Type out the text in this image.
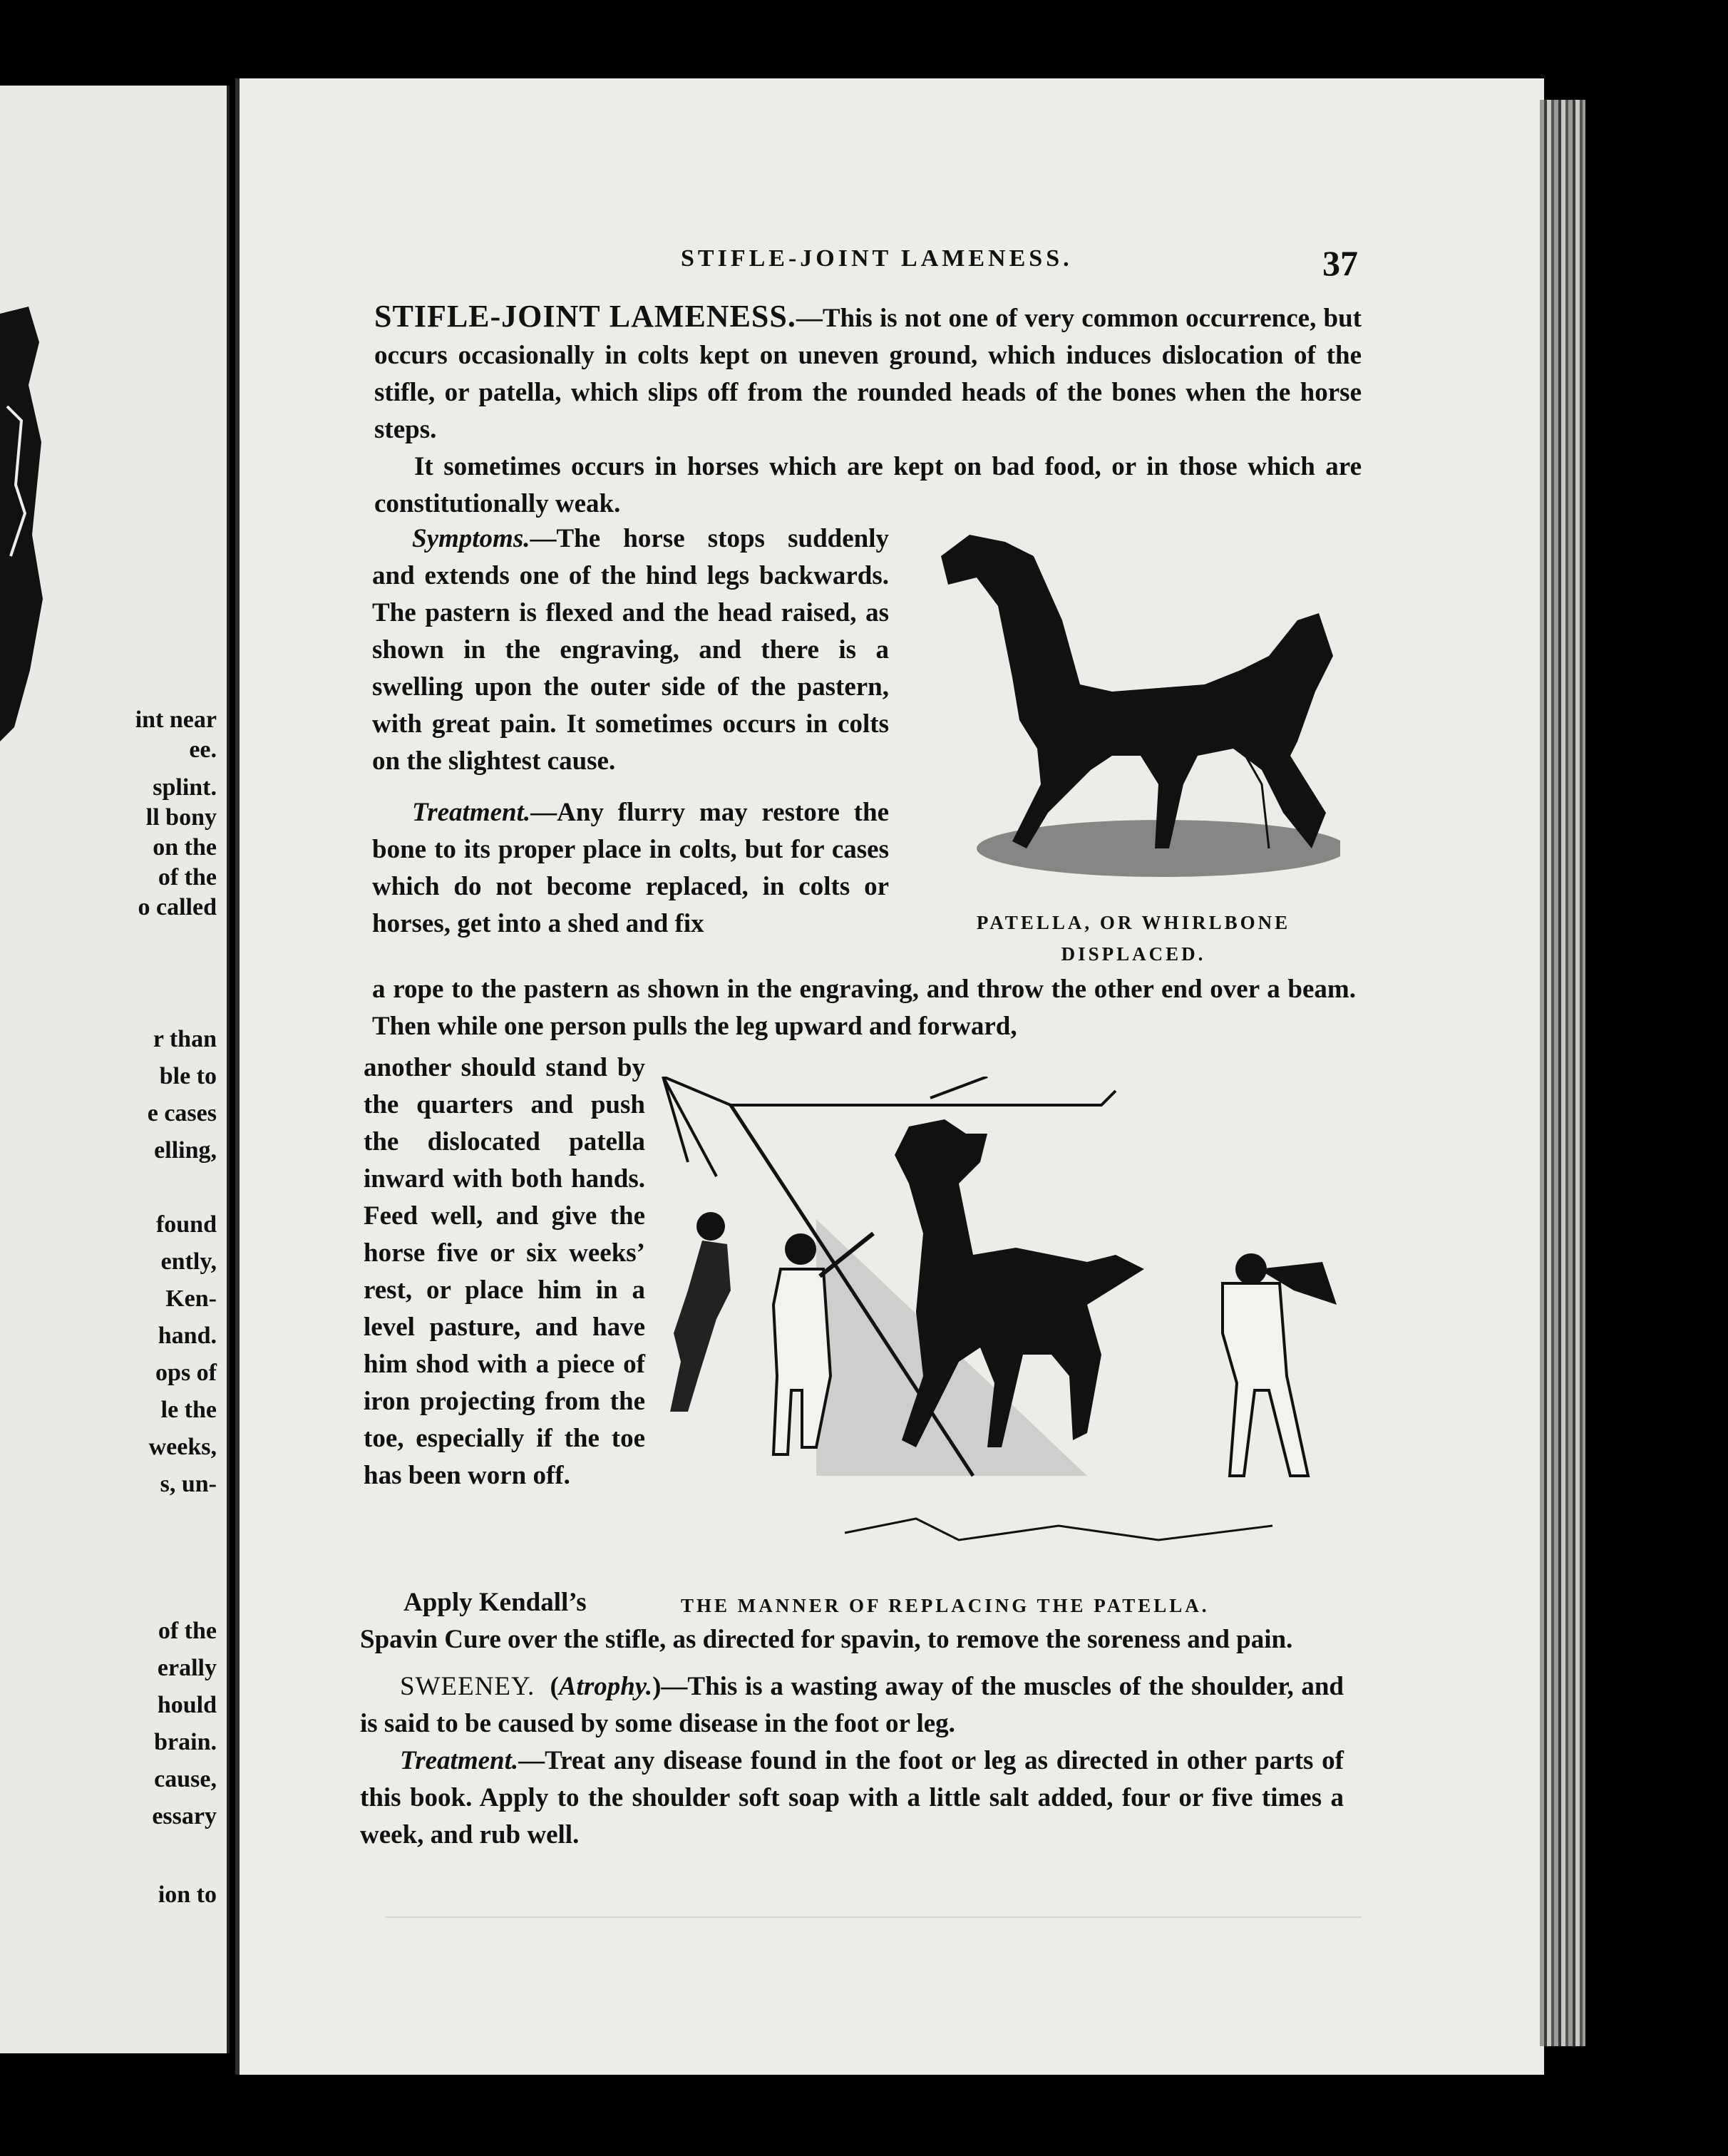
int near
ee.
splint.
ll bony
on the
of the
o called
r than
ble to
e cases
elling,
found
ently,
Ken-
hand.
ops of
le the
weeks,
s, un-
of the
erally
hould
brain.
cause,
essary
ion to
STIFLE-JOINT LAMENESS.	37

STIFLE-JOINT LAMENESS.—This is not one of very common occurrence, but occurs occasionally in colts kept on uneven ground, which induces dislocation of the stifle, or patella, which slips off from the rounded heads of the bones when the horse steps.

It sometimes occurs in horses which are kept on bad food, or in those which are constitutionally weak.

Symptoms.—The horse stops suddenly and extends one of the hind legs backwards. The pastern is flexed and the head raised, as shown in the engraving, and there is a swelling upon the outer side of the pastern, with great pain. It sometimes occurs in colts on the slightest cause.

Treatment.—Any flurry may restore the bone to its proper place in colts, but for cases which do not become replaced, in colts or horses, get into a shed and fix	PATELLA, OR WHIRLBONE
DISPLACED.

a rope to the pastern as shown in the engraving, and throw the other end over a beam. Then while one person pulls the leg upward and forward,

another should stand by the quarters and push the dislocated patella inward with both hands. Feed well, and give the horse five or six weeks’ rest, or place him in a level pasture, and have him shod with a piece of iron projecting from the toe, especially if the toe has been worn off.

Apply Kendall’s	THE MANNER OF REPLACING THE PATELLA.

Spavin Cure over the stifle, as directed for spavin, to remove the soreness and pain.

SWEENEY. (Atrophy.)—This is a wasting away of the muscles of the shoulder, and is said to be caused by some disease in the foot or leg.

Treatment.—Treat any disease found in the foot or leg as directed in other parts of this book. Apply to the shoulder soft soap with a little salt added, four or five times a week, and rub well.
